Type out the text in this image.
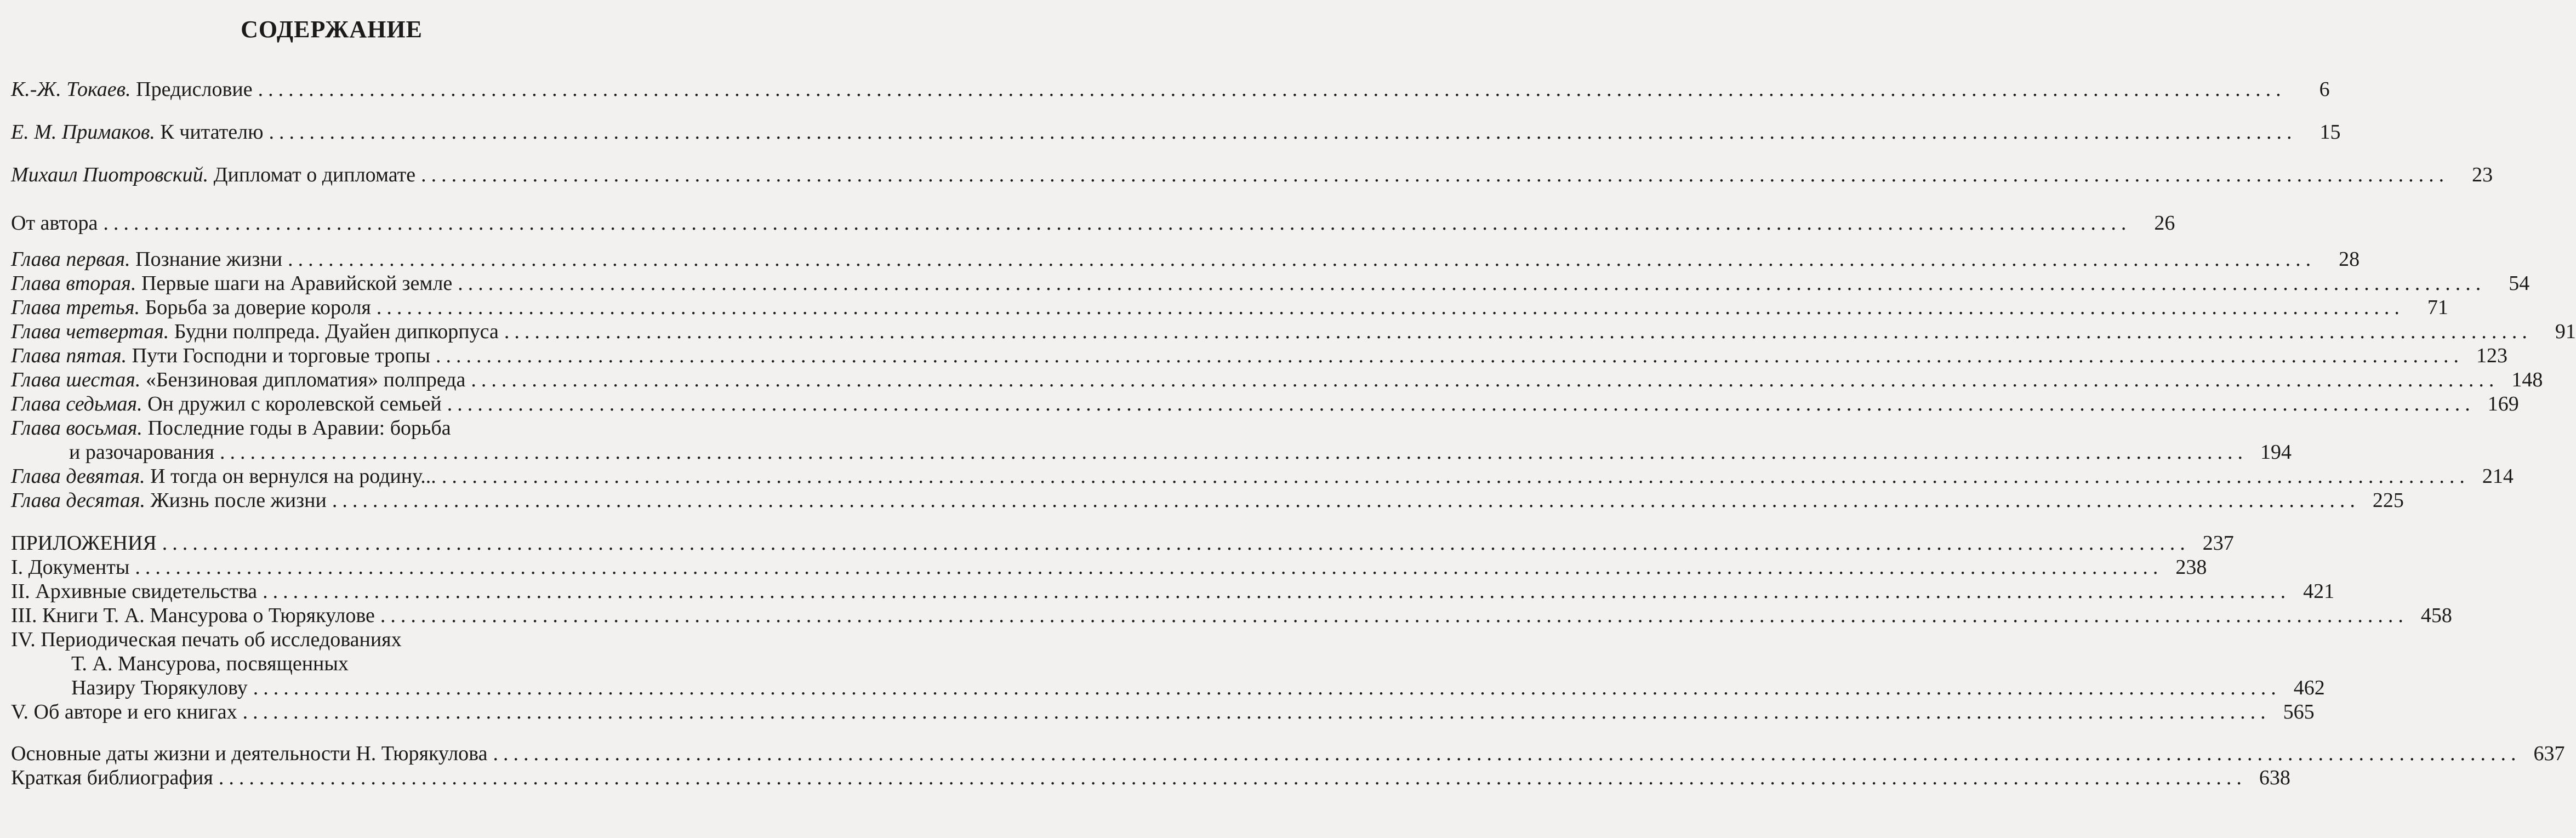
СОДЕРЖАНИЕ
К.-Ж. Токаев. Предисловие ........................................................................................................................................................................................................	6
Е. М. Примаков. К читателю ........................................................................................................................................................................................................	15
Михаил Пиотровский. Дипломат о дипломате ........................................................................................................................................................................................................	23
От автора ........................................................................................................................................................................................................	26
Глава первая. Познание жизни ........................................................................................................................................................................................................	28
Глава вторая. Первые шаги на Аравийской земле ........................................................................................................................................................................................................	54
Глава третья. Борьба за доверие короля ........................................................................................................................................................................................................	71
Глава четвертая. Будни полпреда. Дуайен дипкорпуса ........................................................................................................................................................................................................	91
Глава пятая. Пути Господни и торговые тропы ........................................................................................................................................................................................................ 123
Глава шестая. «Бензиновая дипломатия» полпреда ........................................................................................................................................................................................................ 148
Глава седьмая. Он дружил с королевской семьей ........................................................................................................................................................................................................ 169
Глава восьмая. Последние годы в Аравии: борьба
и разочарования ........................................................................................................................................................................................................ 194
Глава девятая. И тогда он вернулся на родину... ........................................................................................................................................................................................................ 214
Глава десятая. Жизнь после жизни ........................................................................................................................................................................................................ 225
ПРИЛОЖЕНИЯ ........................................................................................................................................................................................................ 237
I. Документы ........................................................................................................................................................................................................ 238
II. Архивные свидетельства ........................................................................................................................................................................................................ 421
III. Книги Т. А. Мансурова о Тюрякулове ........................................................................................................................................................................................................ 458
IV. Периодическая печать об исследованиях
Т. А. Мансурова, посвященных
Назиру Тюрякулову ........................................................................................................................................................................................................ 462
V. Об авторе и его книгах ........................................................................................................................................................................................................ 565
Основные даты жизни и деятельности Н. Тюрякулова ........................................................................................................................................................................................................ 637
Краткая библиография ........................................................................................................................................................................................................ 638
